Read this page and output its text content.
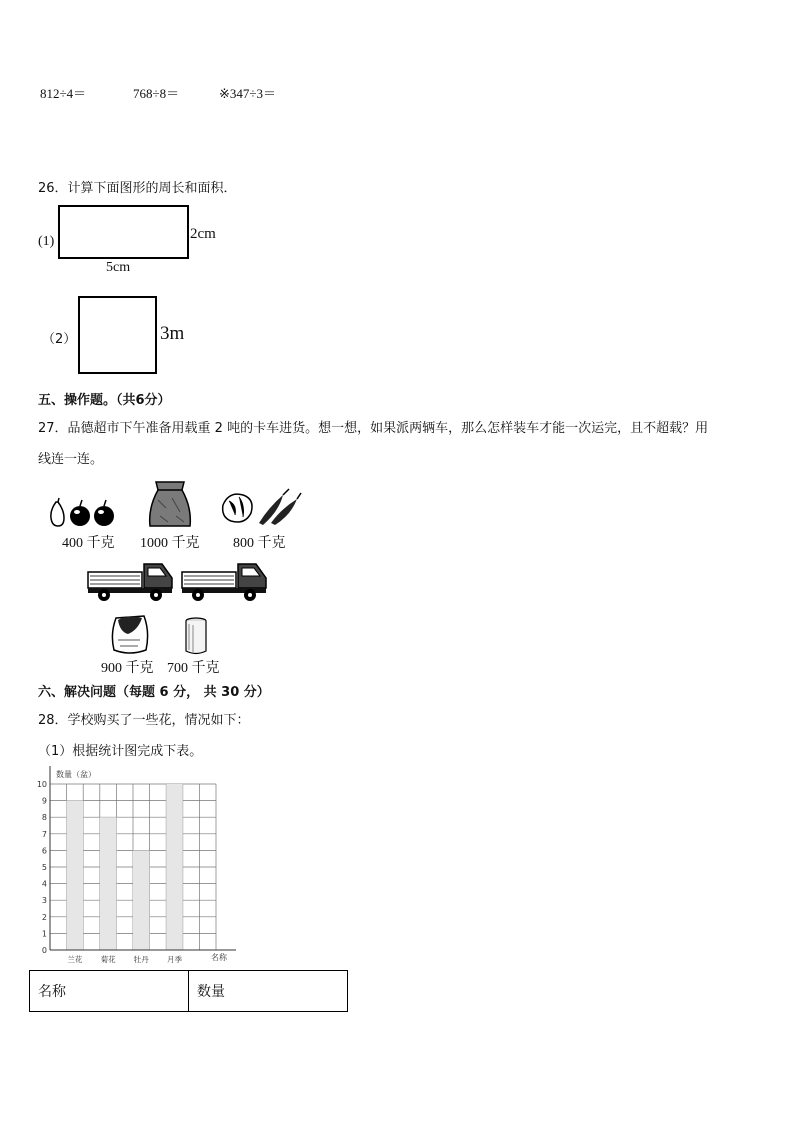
812÷4＝	768÷8＝	※347÷3＝
26．计算下面图形的周长和面积．
(1)	2cm
5cm
（2）	3m
五、操作题。（共6分）
27．品德超市下午准备用载重 2 吨的卡车进货。想一想，如果派两辆车，那么怎样装车才能一次运完，且不超载？用
线连一连。
400 千克 1000 千克 800 千克
900 千克 700 千克
六、解决问题（每题 6 分， 共 30 分）
28．学校购买了一些花，情况如下：
（1）根据统计图完成下表。
0
1
2
3
4
5
6
7
8
9
10
兰花 菊花 牡丹 月季
数量（盆）
名称
名称	数量
